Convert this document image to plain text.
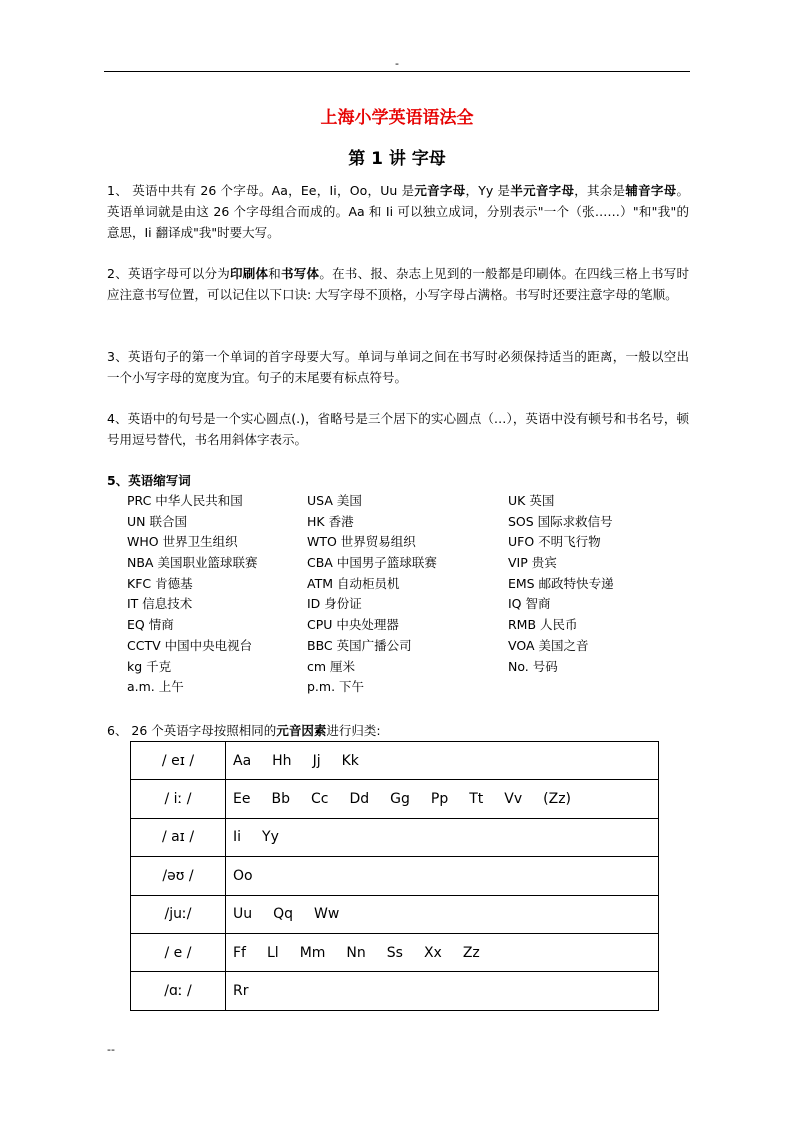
-
上海小学英语语法全
第 1 讲 字母

1、 英语中共有 26 个字母。Aa，Ee，Ii，Oo，Uu 是元音字母，Yy 是半元音字母，其余是辅音字母。英语单词就是由这 26 个字母组合而成的。Aa 和 Ii 可以独立成词，分别表示"一个（张……）"和"我"的意思，Ii 翻译成"我"时要大写。

2、英语字母可以分为印刷体和书写体。在书、报、杂志上见到的一般都是印刷体。在四线三格上书写时应注意书写位置，可以记住以下口诀: 大写字母不顶格，小写字母占满格。书写时还要注意字母的笔顺。

3、英语句子的第一个单词的首字母要大写。单词与单词之间在书写时必须保持适当的距离，一般以空出一个小写字母的宽度为宜。句子的末尾要有标点符号。

4、英语中的句号是一个实心圆点(.)，省略号是三个居下的实心圆点（…），英语中没有顿号和书名号，顿号用逗号替代，书名用斜体字表示。

5、英语缩写词
PRC 中华人民共和国	USA 美国	UK 英国
UN 联合国	HK 香港	SOS 国际求救信号
WHO 世界卫生组织	WTO 世界贸易组织	UFO 不明飞行物
NBA 美国职业篮球联赛	CBA 中国男子篮球联赛	VIP 贵宾
KFC 肯德基	ATM 自动柜员机	EMS 邮政特快专递
IT 信息技术	ID 身份证	IQ 智商
EQ 情商	CPU 中央处理器	RMB 人民币
CCTV 中国中央电视台	BBC 英国广播公司	VOA 美国之音
kg 千克	cm 厘米	No. 号码
a.m. 上午	p.m. 下午
6、 26 个英语字母按照相同的元音因素进行归类:
/ eɪ /	Aa Hh Jj Kk
/ iː /	Ee Bb Cc Dd Gg Pp Tt Vv (Zz)
/ aɪ /	Ii Yy
/əʊ /	Oo
/juː/	Uu Qq Ww
/ e /	Ff Ll Mm Nn Ss Xx Zz
/ɑː /	Rr
--
